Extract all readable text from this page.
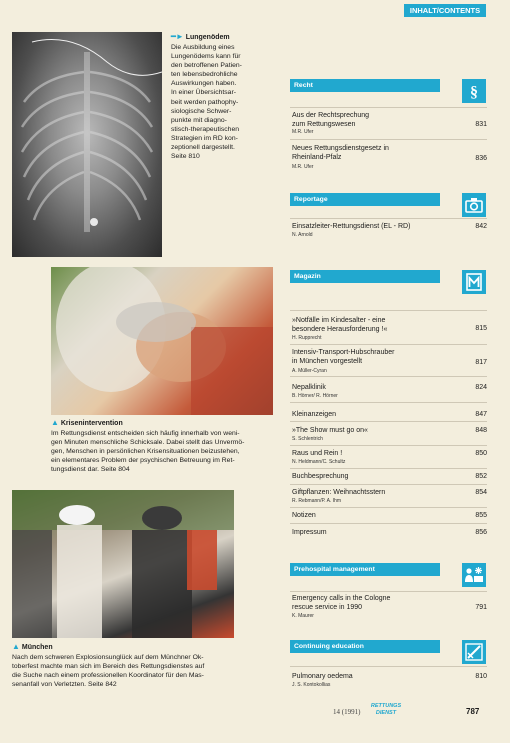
INHALT/CONTENTS
━► Lungenödem
Die Ausbildung eines
Lungenödems kann für
den betroffenen Patien-
ten lebensbedrohliche
Auswirkungen haben.
In einer Übersichtsar-
beit werden pathophy-
siologische Schwer-
punkte mit diagno-
stisch-therapeutischen
Strategien im RD kon-
zeptionell dargestellt.
Seite 810
▲ Krisenintervention
Im Rettungsdienst entscheiden sich häufig innerhalb von weni-
gen Minuten menschliche Schicksale. Dabei stellt das Unvermö-
gen, Menschen in persönlichen Krisensituationen beizustehen,
ein elementares Problem der psychischen Betreuung im Ret-
tungsdienst dar. Seite 804
▲ München
Nach dem schweren Explosionsunglück auf dem Münchner Ok-
toberfest machte man sich im Bereich des Rettungsdienstes auf
die Suche nach einem professionellen Koordinator für den Mas-
senanfall von Verletzten. Seite 842
Recht	§
Aus der Rechtsprechung
zum Rettungswesen	831
M.R. Ufer
Neues Rettungsdienstgesetz in
Rheinland-Pfalz	836
M.R. Ufer
Reportage
Einsatzleiter-Rettungsdienst (EL - RD)	842
N. Arnold
Magazin
»Notfälle im Kindesalter - eine
besondere Herausforderung !«	815
H. Rupprecht
Intensiv-Transport-Hubschrauber
in München vorgestellt	817
A. Müller-Cyran
Nepalklinik	824
B. Hörner/ R. Hörner
Kleinanzeigen	847
»The Show must go on«	848
S. Schlentrich
Raus und Rein !	850
N. Heldmann/C. Schultz
Buchbesprechung	852
Giftpflanzen: Weihnachtsstern	854
R. Rebmann/P. A. Ihm
Notizen	855
Impressum	856
Prehospital management
Emergency calls in the Cologne
rescue service in 1990	791
K. Maurer
Continuing education
Pulmonary oedema	810
J. S. Kontokollias
14 (1991)
RETTUNGS
DIENST	787
